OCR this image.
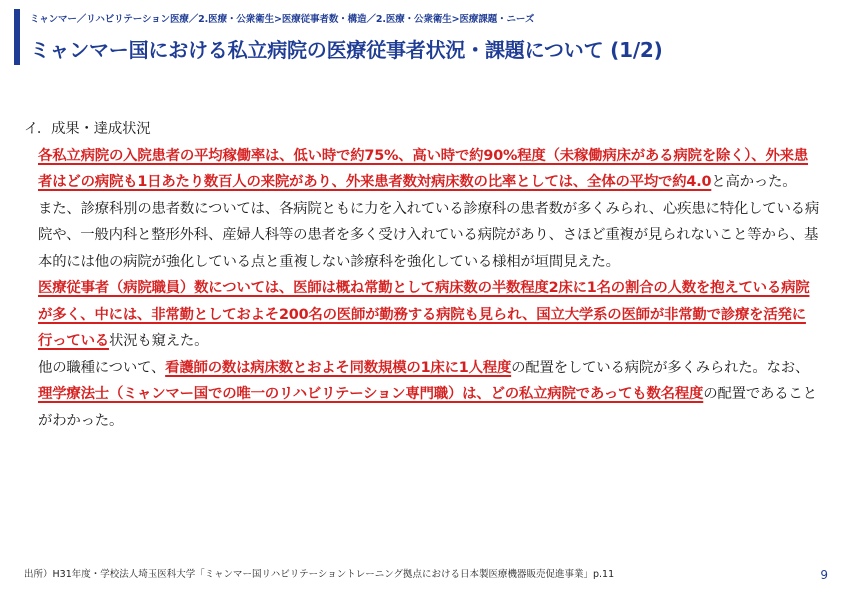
ミャンマー／リハビリテーション医療／2.医療・公衆衛生>医療従事者数・構造／2.医療・公衆衛生>医療課題・ニーズ
ミャンマー国における私立病院の医療従事者状況・課題について (1/2)

イ．成果・達成状況

各私立病院の入院患者の平均稼働率は、低い時で約75%、高い時で約90%程度（未稼働病床がある病院を除く）、外来患者はどの病院も1日あたり数百人の来院があり、外来患者数対病床数の比率としては、全体の平均で約4.0と高かった。

また、診療科別の患者数については、各病院ともに力を入れている診療科の患者数が多くみられ、心疾患に特化している病院や、一般内科と整形外科、産婦人科等の患者を多く受け入れている病院があり、さほど重複が見られないこと等から、基本的には他の病院が強化している点と重複しない診療科を強化している様相が垣間見えた。

医療従事者（病院職員）数については、医師は概ね常勤として病床数の半数程度2床に1名の割合の人数を抱えている病院が多く、中には、非常勤としておよそ200名の医師が勤務する病院も見られ、国立大学系の医師が非常勤で診療を活発に行っている状況も窺えた。

他の職種について、看護師の数は病床数とおよそ同数規模の1床に1人程度の配置をしている病院が多くみられた。なお、理学療法士（ミャンマー国での唯一のリハビリテーション専門職）は、どの私立病院であっても数名程度の配置であることがわかった。

出所）H31年度・学校法人埼玉医科大学「ミャンマー国リハビリテーショントレーニング拠点における日本製医療機器販売促進事業」p.11	9
